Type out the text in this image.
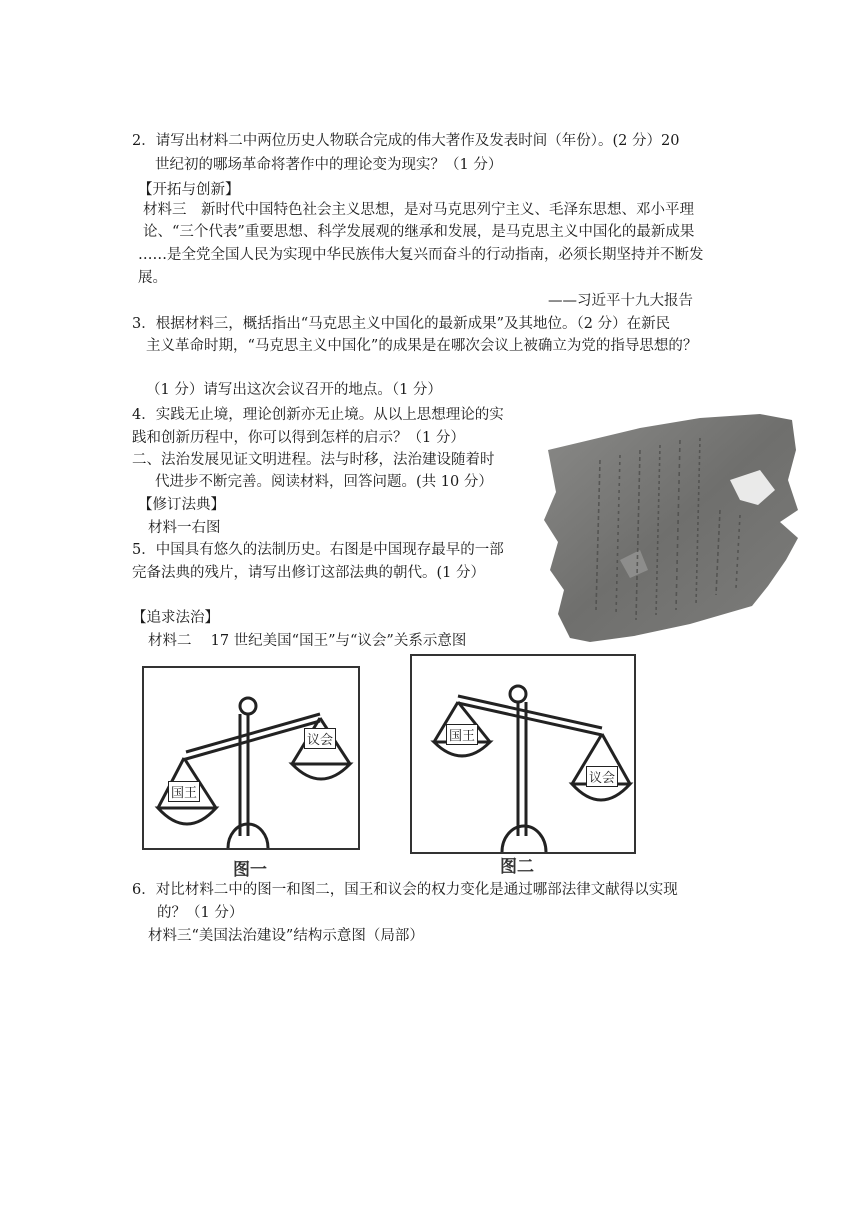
2．请写出材料二中两位历史人物联合完成的伟大著作及发表时间（年份）。(2 分）20
世纪初的哪场革命将著作中的理论变为现实？（1 分）
【开拓与创新】
材料三　新时代中国特色社会主义思想，是对马克思列宁主义、毛泽东思想、邓小平理
论、“三个代表”重要思想、科学发展观的继承和发展，是马克思主义中国化的最新成果
……是全党全国人民为实现中华民族伟大复兴而奋斗的行动指南，必须长期坚持并不断发
展。
——习近平十九大报告
3．根据材料三，概括指出“马克思主义中国化的最新成果”及其地位。（2 分）在新民
主义革命时期，“马克思主义中国化”的成果是在哪次会议上被确立为党的指导思想的？
（1 分）请写出这次会议召开的地点。（1 分）
4．实践无止境，理论创新亦无止境。从以上思想理论的实
践和创新历程中，你可以得到怎样的启示？（1 分）
二、法治发展见证文明进程。法与时移，法治建设随着时
代进步不断完善。阅读材料，回答问题。(共 10 分）
【修订法典】
材料一右图
5．中国具有悠久的法制历史。右图是中国现存最早的一部
完备法典的残片，请写出修订这部法典的朝代。(1 分）
【追求法治】
材料二　 17 世纪美国“国王”与“议会”关系示意图
国王
议会
图一
国王
议会
图二
6．对比材料二中的图一和图二，国王和议会的权力变化是通过哪部法律文献得以实现
的？（1 分）
材料三“美国法治建设”结构示意图（局部）
